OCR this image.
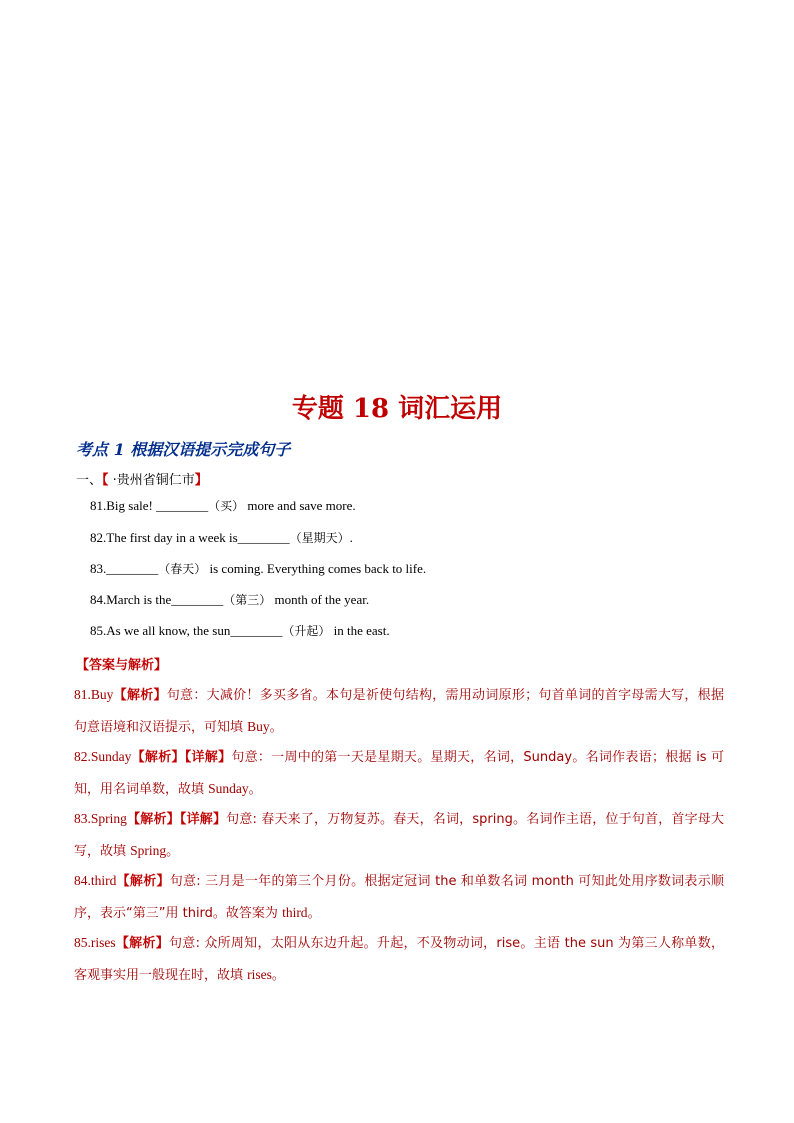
专题 18 词汇运用
考点 1 根据汉语提示完成句子
一、【 ·贵州省铜仁市】
81.Big sale! ________（买） more and save more.
82.The first day in a week is________（星期天）.
83.________（春天） is coming. Everything comes back to life.
84.March is the________（第三） month of the year.
85.As we all know, the sun________（升起） in the east.
【答案与解析】
81.Buy【解析】句意：大减价！多买多省。本句是祈使句结构，需用动词原形；句首单词的首字母需大写，根据句意语境和汉语提示，可知填 Buy。
82.Sunday【解析】【详解】句意：一周中的第一天是星期天。星期天，名词，Sunday。名词作表语；根据 is 可知，用名词单数，故填 Sunday。
83.Spring【解析】【详解】句意: 春天来了，万物复苏。春天，名词，spring。名词作主语，位于句首，首字母大写，故填 Spring。
84.third【解析】句意: 三月是一年的第三个月份。根据定冠词 the 和单数名词 month 可知此处用序数词表示顺序，表示“第三”用 third。故答案为 third。
85.rises【解析】句意: 众所周知，太阳从东边升起。升起，不及物动词，rise。主语 the sun 为第三人称单数，客观事实用一般现在时，故填 rises。
